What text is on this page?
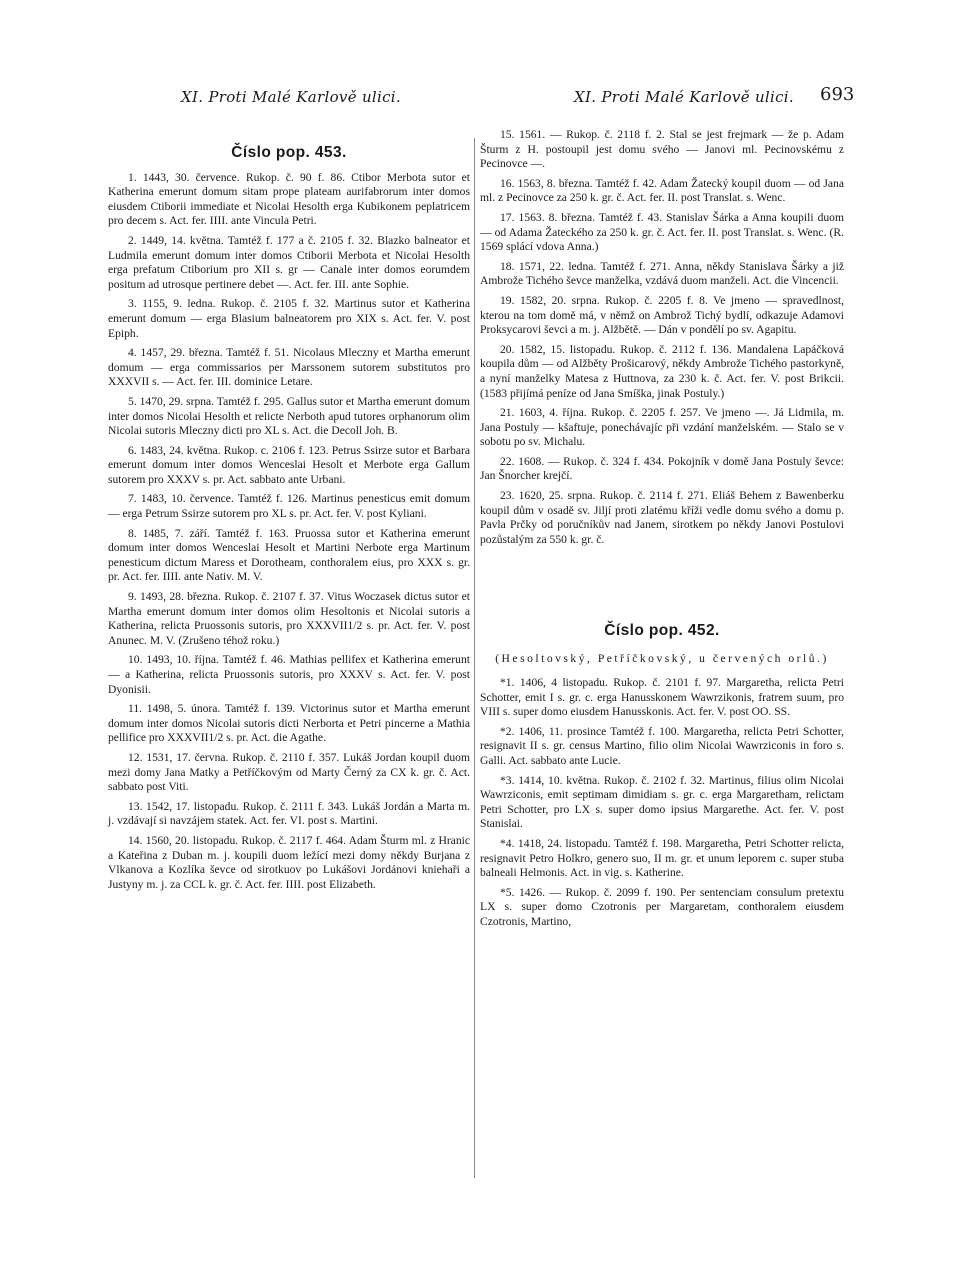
XI. Proti Malé Karlově ulici.	XI. Proti Malé Karlově ulici. 693
Číslo pop. 453.

1. 1443, 30. července. Rukop. č. 90 f. 86. Ctibor Merbota sutor et Katherina emerunt domum sitam prope plateam aurifabrorum inter domos eiusdem Ctiborii immediate et Nicolai Hesolth erga Kubikonem peplatricem pro decem s. Act. fer. IIII. ante Vincula Petri.

2. 1449, 14. května. Tamtéž f. 177 a č. 2105 f. 32. Blazko balneator et Ludmila emerunt domum inter domos Ctiborii Merbota et Nicolai Hesolth erga prefatum Ctiborium pro XII s. gr — Canale inter domos eorumdem positum ad utrosque pertinere debet —. Act. fer. III. ante Sophie.

3. 1155, 9. ledna. Rukop. č. 2105 f. 32. Martinus sutor et Katherina emerunt domum — erga Blasium balneatorem pro XIX s. Act. fer. V. post Epiph.

4. 1457, 29. března. Tamtéž f. 51. Nicolaus Mleczny et Martha emerunt domum — erga commissarios per Marssonem sutorem substitutos pro XXXVII s. — Act. fer. III. dominice Letare.

5. 1470, 29. srpna. Tamtéž f. 295. Gallus sutor et Martha emerunt domum inter domos Nicolai Hesolth et relicte Nerboth apud tutores orphanorum olim Nicolai sutoris Mleczny dicti pro XL s. Act. die Decoll Joh. B.

6. 1483, 24. května. Rukop. c. 2106 f. 123. Petrus Ssirze sutor et Barbara emerunt domum inter domos Wenceslai Hesolt et Merbote erga Gallum sutorem pro XXXV s. pr. Act. sabbato ante Urbani.

7. 1483, 10. července. Tamtéž f. 126. Martinus penesticus emit domum — erga Petrum Ssirze sutorem pro XL s. pr. Act. fer. V. post Kyliani.

8. 1485, 7. září. Tamtéž f. 163. Pruossa sutor et Katherina emerunt domum inter domos Wenceslai Hesolt et Martini Nerbote erga Martinum penesticum dictum Maress et Dorotheam, conthoralem eius, pro XXX s. gr. pr. Act. fer. IIII. ante Nativ. M. V.

9. 1493, 28. března. Rukop. č. 2107 f. 37. Vitus Woczasek dictus sutor et Martha emerunt domum inter domos olim Hesoltonis et Nicolai sutoris a Katherina, relicta Pruossonis sutoris, pro XXXVII1/2 s. pr. Act. fer. V. post Anunec. M. V. (Zrušeno téhož roku.)

10. 1493, 10. října. Tamtéž f. 46. Mathias pellifex et Katherina emerunt — a Katherina, relicta Pruossonis sutoris, pro XXXV s. Act. fer. V. post Dyonisii.

11. 1498, 5. února. Tamtéž f. 139. Victorinus sutor et Martha emerunt domum inter domos Nicolai sutoris dicti Nerborta et Petri pincerne a Mathia pellifice pro XXXVII1/2 s. pr. Act. die Agathe.

12. 1531, 17. června. Rukop. č. 2110 f. 357. Lukáš Jordan koupil duom mezi domy Jana Matky a Petříčkovým od Marty Černý za CX k. gr. č. Act. sabbato post Viti.

13. 1542, 17. listopadu. Rukop. č. 2111 f. 343. Lukáš Jordán a Marta m. j. vzdávají si navzájem statek. Act. fer. VI. post s. Martini.

14. 1560, 20. listopadu. Rukop. č. 2117 f. 464. Adam Šturm ml. z Hranic a Kateřina z Duban m. j. koupili duom ležící mezi domy někdy Burjana z Vlkanova a Kozlíka ševce od sirotkuov po Lukášovi Jordánovi kniehaři a Justyny m. j. za CCL k. gr. č. Act. fer. IIII. post Elizabeth.

15. 1561. — Rukop. č. 2118 f. 2. Stal se jest frejmark — že p. Adam Šturm z H. postoupil jest domu svého — Janovi ml. Pecinovskému z Pecinovce —.

16. 1563, 8. března. Tamtéž f. 42. Adam Žatecký koupil duom — od Jana ml. z Pecinovce za 250 k. gr. č. Act. fer. II. post Translat. s. Wenc.

17. 1563. 8. března. Tamtéž f. 43. Stanislav Šárka a Anna koupili duom — od Adama Žateckého za 250 k. gr. č. Act. fer. II. post Translat. s. Wenc. (R. 1569 splácí vdova Anna.)

18. 1571, 22. ledna. Tamtéž f. 271. Anna, někdy Stanislava Šárky a již Ambrože Tichého ševce manželka, vzdává duom manželi. Act. die Vincencii.

19. 1582, 20. srpna. Rukop. č. 2205 f. 8. Ve jmeno — spravedlnost, kterou na tom domě má, v němž on Ambrož Tichý bydlí, odkazuje Adamovi Proksycarovi ševci a m. j. Alžbětě. — Dán v pondělí po sv. Agapitu.

20. 1582, 15. listopadu. Rukop. č. 2112 f. 136. Mandalena Lapáčková koupila dům — od Alžběty Prošicarový, někdy Ambrože Tichého pastorkyně, a nyní manželky Matesa z Huttnova, za 230 k. č. Act. fer. V. post Brikcii. (1583 přijímá peníze od Jana Smíška, jinak Postuly.)

21. 1603, 4. října. Rukop. č. 2205 f. 257. Ve jmeno —. Já Lidmila, m. Jana Postuly — kšaftuje, ponechávajíc při vzdání manželském. — Stalo se v sobotu po sv. Michalu.

22. 1608. — Rukop. č. 324 f. 434. Pokojník v domě Jana Postuly ševce: Jan Šnorcher krejčí.

23. 1620, 25. srpna. Rukop. č. 2114 f. 271. Eliáš Behem z Bawenberku koupil dům v osadě sv. Jiljí proti zlatému kříži vedle domu svého a domu p. Pavla Prčky od poručníkův nad Janem, sirotkem po někdy Janovi Postulovi pozůstalým za 550 k. gr. č.

Číslo pop. 452.
(Hesoltovský, Petříčkovský, u červených orlů.)

*1. 1406, 4 listopadu. Rukop. č. 2101 f. 97. Margaretha, relicta Petri Schotter, emit I s. gr. c. erga Hanusskonem Wawrzikonis, fratrem suum, pro VIII s. super domo eiusdem Hanusskonis. Act. fer. V. post OO. SS.

*2. 1406, 11. prosince Tamtéž f. 100. Margaretha, relicta Petri Schotter, resignavit II s. gr. census Martino, filio olim Nicolai Wawrziconis in foro s. Galli. Act. sabbato ante Lucie.

*3. 1414, 10. května. Rukop. č. 2102 f. 32. Martinus, filius olim Nicolai Wawrziconis, emit septimam dimidiam s. gr. c. erga Margaretham, relictam Petri Schotter, pro LX s. super domo ipsius Margarethe. Act. fer. V. post Stanislai.

*4. 1418, 24. listopadu. Tamtéž f. 198. Margaretha, Petri Schotter relicta, resignavit Petro Holkro, genero suo, II m. gr. et unum leporem c. super stuba balneali Helmonis. Act. in vig. s. Katherine.

*5. 1426. — Rukop. č. 2099 f. 190. Per sentenciam consulum pretextu LX s. super domo Czotronis per Margaretam, conthoralem eiusdem Czotronis, Martino,
